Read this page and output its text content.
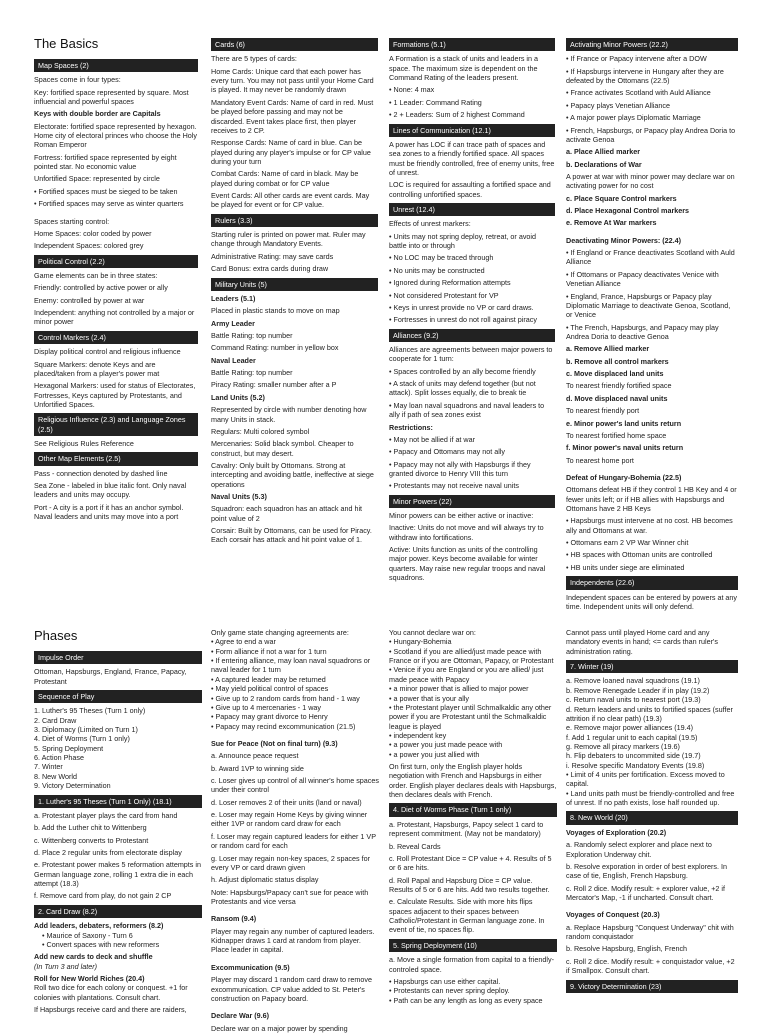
The Basics
Map Spaces (2)

Spaces come in four types:

Key: fortified space represented by square. Most influencial and powerful spaces

Keys with double border are Capitals

Electorate: fortified space represented by hexagon. Home city of electoral princes who choose the Holy Roman Emperor

Fortress: fortified space represented by eight pointed star. No economic value

Unfortified Space: represented by circle

• Fortified spaces must be sieged to be taken

• Fortified spaces may serve as winter quarters

Spaces starting control:

Home Spaces: color coded by power

Independent Spaces: colored grey

Political Control (2.2)

Game elements can be in three states:

Friendly: controlled by active power or ally

Enemy: controlled by power at war

Independent: anything not controlled by a major or minor power

Control Markers (2.4)

Display political control and religious influence

Square Markers: denote Keys and are placed/taken from a player's power mat

Hexagonal Markers: used for status of Electorates, Fortresses, Keys captured by Protestants, and Unfortified Spaces.

Religious Influence (2.3) and Language Zones (2.5)

See Religious Rules Reference

Other Map Elements (2.5)

Pass - connection denoted by dashed line

Sea Zone - labeled in blue italic font. Only naval leaders and units may occupy.

Port - A city is a port if it has an anchor symbol. Naval leaders and units may move into a port

Cards (6)

There are 5 types of cards:

Home Cards: Unique card that each power has every turn. You may not pass until your Home Card is played. It may never be randomly drawn

Mandatory Event Cards: Name of card in red. Must be played before passing and may not be discarded. Event takes place first, then player receives to 2 CP.

Response Cards: Name of card in blue. Can be played during any player's impulse or for CP value during your turn

Combat Cards: Name of card in black. May be played during combat or for CP value

Event Cards: All other cards are event cards. May be played for event or for CP value.

Rulers (3.3)

Starting ruler is printed on power mat. Ruler may change through Mandatory Events.

Administrative Rating: may save cards

Card Bonus: extra cards during draw

Military Units (5)

Leaders (5.1)

Placed in plastic stands to move on map

Army Leader

Battle Rating: top number

Command Rating: number in yellow box

Naval Leader

Battle Rating: top number

Piracy Rating: smaller number after a P

Land Units (5.2)

Represented by circle with number denoting how many Units in stack.

Regulars: Multi colored symbol

Mercenaries: Solid black symbol. Cheaper to construct, but may desert.

Cavalry: Only built by Ottomans. Strong at intercepting and avoiding battle, ineffective at siege operations

Naval Units (5.3)

Squadron: each squadron has an attack and hit point value of 2

Corsair: Built by Ottomans, can be used for Piracy. Each corsair has attack and hit point value of 1.

Formations (5.1)

A Formation is a stack of units and leaders in a space. The maximum size is dependent on the Command Rating of the leaders present.

• None: 4 max

• 1 Leader: Command Rating

• 2 + Leaders: Sum of 2 highest Command

Lines of Communication (12.1)

A power has LOC if can trace path of spaces and sea zones to a friendly fortified space. All spaces must be friendly controlled, free of enemy units, free of unrest.

LOC is required for assaulting a fortified space and controlling unfortified spaces.

Unrest (12.4)

Effects of unrest markers:

• Units may not spring deploy, retreat, or avoid battle into or through

• No LOC may be traced through

• No units may be constructed

• Ignored during Reformation attempts

• Not considered Protestant for VP

• Keys in unrest provide no VP or card draws.

• Fortresses in unrest do not roll against piracy

Alliances (9.2)

Alliances are agreements between major powers to cooperate for 1 turn:

• Spaces controlled by an ally become friendly

• A stack of units may defend together (but not attack). Split losses equally, die to break tie

• May loan naval squadrons and naval leaders to ally if path of sea zones exist

Restrictions:

• May not be allied if at war

• Papacy and Ottomans may not ally

• Papacy may not ally with Hapsburgs if they granted divorce to Henry VIII this turn

• Protestants may not receive naval units

Minor Powers (22)

Minor powers can be either active or inactive:

Inactive: Units do not move and will always try to withdraw into fortifications.

Active: Units function as units of the controlling major power. Keys become available for winter quarters. May raise new regular troops and naval squadrons.

Activating Minor Powers (22.2)

• If France or Papacy intervene after a DOW

• If Hapsburgs intervene in Hungary after they are defeated by the Ottomans (22.5)

• France activates Scotland with Auld Alliance

• Papacy plays Venetian Alliance

• A major power plays Diplomatic Marriage

• French, Hapsburgs, or Papacy play Andrea Doria to activate Genoa

a. Place Allied marker

b. Declarations of War

A power at war with minor power may declare war on activating power for no cost

c. Place Square Control markers

d. Place Hexagonal Control markers

e. Remove At War markers

Deactivating Minor Powers: (22.4)

• If England or France deactivates Scotland with Auld Alliance

• If Ottomans or Papacy deactivates Venice with Venetian Alliance

• England, France, Hapsburgs or Papacy play Diplomatic Marriage to deactivate Genoa, Scotland, or Venice

• The French, Hapsburgs, and Papacy may play Andrea Doria to deactive Genoa

a. Remove Allied marker

b. Remove all control markers

c. Move displaced land units

To nearest friendly fortified space

d. Move displaced naval units

To nearest friendly port

e. Minor power's land units return

To nearest fortified home space

f. Minor power's naval units return

To nearest home port

Defeat of Hungary-Bohemia (22.5)

Ottomans defeat HB if they control 1 HB Key and 4 or fewer units left; or if HB allies with Hapsburgs and Ottomans have 2 HB Keys

• Hapsburgs must intervene at no cost. HB becomes ally and Ottomans at war.

• Ottomans earn 2 VP War Winner chit

• HB spaces with Ottoman units are controlled

• HB units under siege are eliminated

Independents (22.6)

Independent spaces can be entered by powers at any time. Independent units will only defend.

Phases
Impulse Order

Ottoman, Hapsburgs, England, France, Papacy, Protestant

Sequence of Play

1. Luther's 95 Theses (Turn 1 only)

2. Card Draw

3. Diplomacy (Limited on Turn 1)

4. Diet of Worms (Turn 1 only)

5. Spring Deployment

6. Action Phase

7. Winter

8. New World

9. Victory Determination

1. Luther's 95 Theses (Turn 1 Only) (18.1)

a. Protestant player plays the card from hand

b. Add the Luther chit to Wittenberg

c. Wittenberg converts to Protestant

d. Place 2 regular units from electorate display

e. Protestant power makes 5 reformation attempts in German language zone, rolling 1 extra die in each attempt (18.3)

f. Remove card from play, do not gain 2 CP

2. Card Draw (8.2)

Add leaders, debaters, reformers (8.2)

• Maurice of Saxony - Turn 6

• Convert spaces with new reformers

Add new cards to deck and shuffle

(In Turn 3 and later)

Roll for New World Riches (20.4)

Roll two dice for each colony or conquest. +1 for colonies with plantations. Consult chart.

If Hapsburgs receive card and there are raiders,

Only game state changing agreements are:

• Agree to end a war

• Form alliance if not a war for 1 turn

• If entering alliance, may loan naval squadrons or naval leader for 1 turn

• A captured leader may be returned

• May yield political control of spaces

• Give up to 2 random cards from hand - 1 way

• Give up to 4 mercenaries - 1 way

• Papacy may grant divorce to Henry

• Papacy may recind excommunication (21.5)

Sue for Peace (Not on final turn) (9.3)

a. Announce peace request

b. Award 1VP to winning side

c. Loser gives up control of all winner's home spaces under their control

d. Loser removes 2 of their units (land or naval)

e. Loser may regain Home Keys by giving winner either 1VP or random card draw for each

f. Loser may regain captured leaders for either 1 VP or random card for each

g. Loser may regain non-key spaces, 2 spaces for every VP or card drawn given

h. Adjust diplomatic status display

Note: Hapsburgs/Papacy can't sue for peace with Protestants and vice versa

Ransom (9.4)

Player may regain any number of captured leaders. Kidnapper draws 1 card at random from player. Place leader in capital.

Excommunication (9.5)

Player may discard 1 random card draw to remove excommunication. CP value added to St. Peter's construction on Papacy board.

Declare War (9.6)

Declare war on a major power by spending

You cannot declare war on:

• Hungary-Bohemia

• Scotland if you are allied/just made peace with France or if you are Ottoman, Papacy, or Protestant

• Venice if you are England or you are allied/ just made peace with Papacy

• a minor power that is allied to major power

• a power that is your ally

• the Protestant player until Schmalkaldic any other power if you are Protestant until the Schmalkaldic league is played

• independent key

• a power you just made peace with

• a power you just allied with

On first turn, only the English player holds negotiation with French and Hapsburgs in either order. English player declares deals with Hapsburgs, then declares deals with French.

4. Diet of Worms Phase (Turn 1 only)

a. Protestant, Hapsburgs, Papcy select 1 card to represent commitment. (May not be mandatory)

b. Reveal Cards

c. Roll Protestant Dice = CP value + 4. Results of 5 or 6 are hits.

d. Roll Papal and Hapsburg Dice = CP value. Results of 5 or 6 are hits. Add two results together.

e. Calculate Results. Side with more hits flips spaces adjacent to their spaces between Catholic/Protestant in German language zone. In event of tie, no spaces flip.

5. Spring Deployment (10)

a. Move a single formation from capital to a friendly-controled space.

• Hapsburgs can use either capital.

• Protestants can never spring deploy.

• Path can be any length as long as every space

Cannot pass until played Home card and any mandatory events in hand; <= cards than ruler's administration rating.

7. Winter (19)

a. Remove loaned naval squadrons (19.1)

b. Remove Renegade Leader if in play (19.2)

c. Return naval units to nearest port (19.3)

d. Return leaders and units to fortified spaces (suffer attrition if no clear path) (19.3)

e. Remove major power alliances (19.4)

f. Add 1 regular unit to each capital (19.5)

g. Remove all piracy markers (19.6)

h. Flip debaters to uncommited side (19.7)

i. Resolve specific Mandatory Events (19.8)

• Limit of 4 units per fortification. Excess moved to capital.

• Land units path must be friendly-controlled and free of unrest. If no path exists, lose half rounded up.

8. New World (20)

Voyages of Exploration (20.2)

a. Randomly select explorer and place next to Exploration Underway chit.

b. Resolve exporation in order of best explorers. In case of tie, English, French Hapsburg.

c. Roll 2 dice. Modify result: + explorer value, +2 if Mercator's Map, -1 if uncharted. Consult chart.

Voyages of Conquest (20.3)

a. Replace Hapsburg "Conquest Underway" chit with random conquistador

b. Resolve Hapsburg, English, French

c. Roll 2 dice. Modify result: + conquistador value, +2 if Smallpox. Consult chart.

9. Victory Determination (23)
